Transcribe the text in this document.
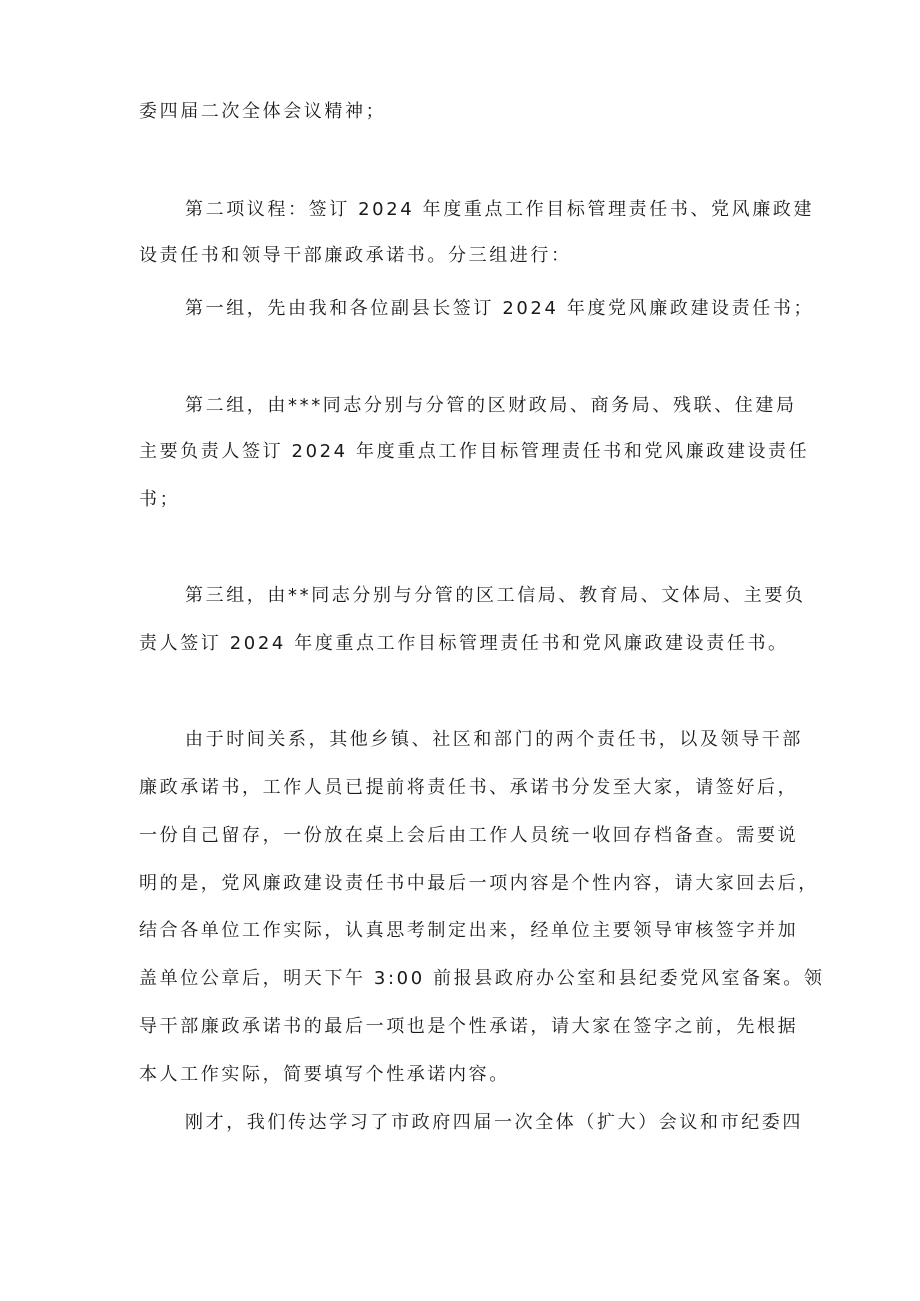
委四届二次全体会议精神；
第二项议程：签订 2024 年度重点工作目标管理责任书、党风廉政建
设责任书和领导干部廉政承诺书。分三组进行：
第一组，先由我和各位副县长签订 2024 年度党风廉政建设责任书；
第二组，由***同志分别与分管的区财政局、商务局、残联、住建局
主要负责人签订 2024 年度重点工作目标管理责任书和党风廉政建设责任
书；
第三组，由**同志分别与分管的区工信局、教育局、文体局、主要负
责人签订 2024 年度重点工作目标管理责任书和党风廉政建设责任书。
由于时间关系，其他乡镇、社区和部门的两个责任书，以及领导干部
廉政承诺书，工作人员已提前将责任书、承诺书分发至大家，请签好后，
一份自己留存，一份放在桌上会后由工作人员统一收回存档备查。需要说
明的是，党风廉政建设责任书中最后一项内容是个性内容，请大家回去后，
结合各单位工作实际，认真思考制定出来，经单位主要领导审核签字并加
盖单位公章后，明天下午 3:00 前报县政府办公室和县纪委党风室备案。领
导干部廉政承诺书的最后一项也是个性承诺，请大家在签字之前，先根据
本人工作实际，简要填写个性承诺内容。
刚才，我们传达学习了市政府四届一次全体（扩大）会议和市纪委四
